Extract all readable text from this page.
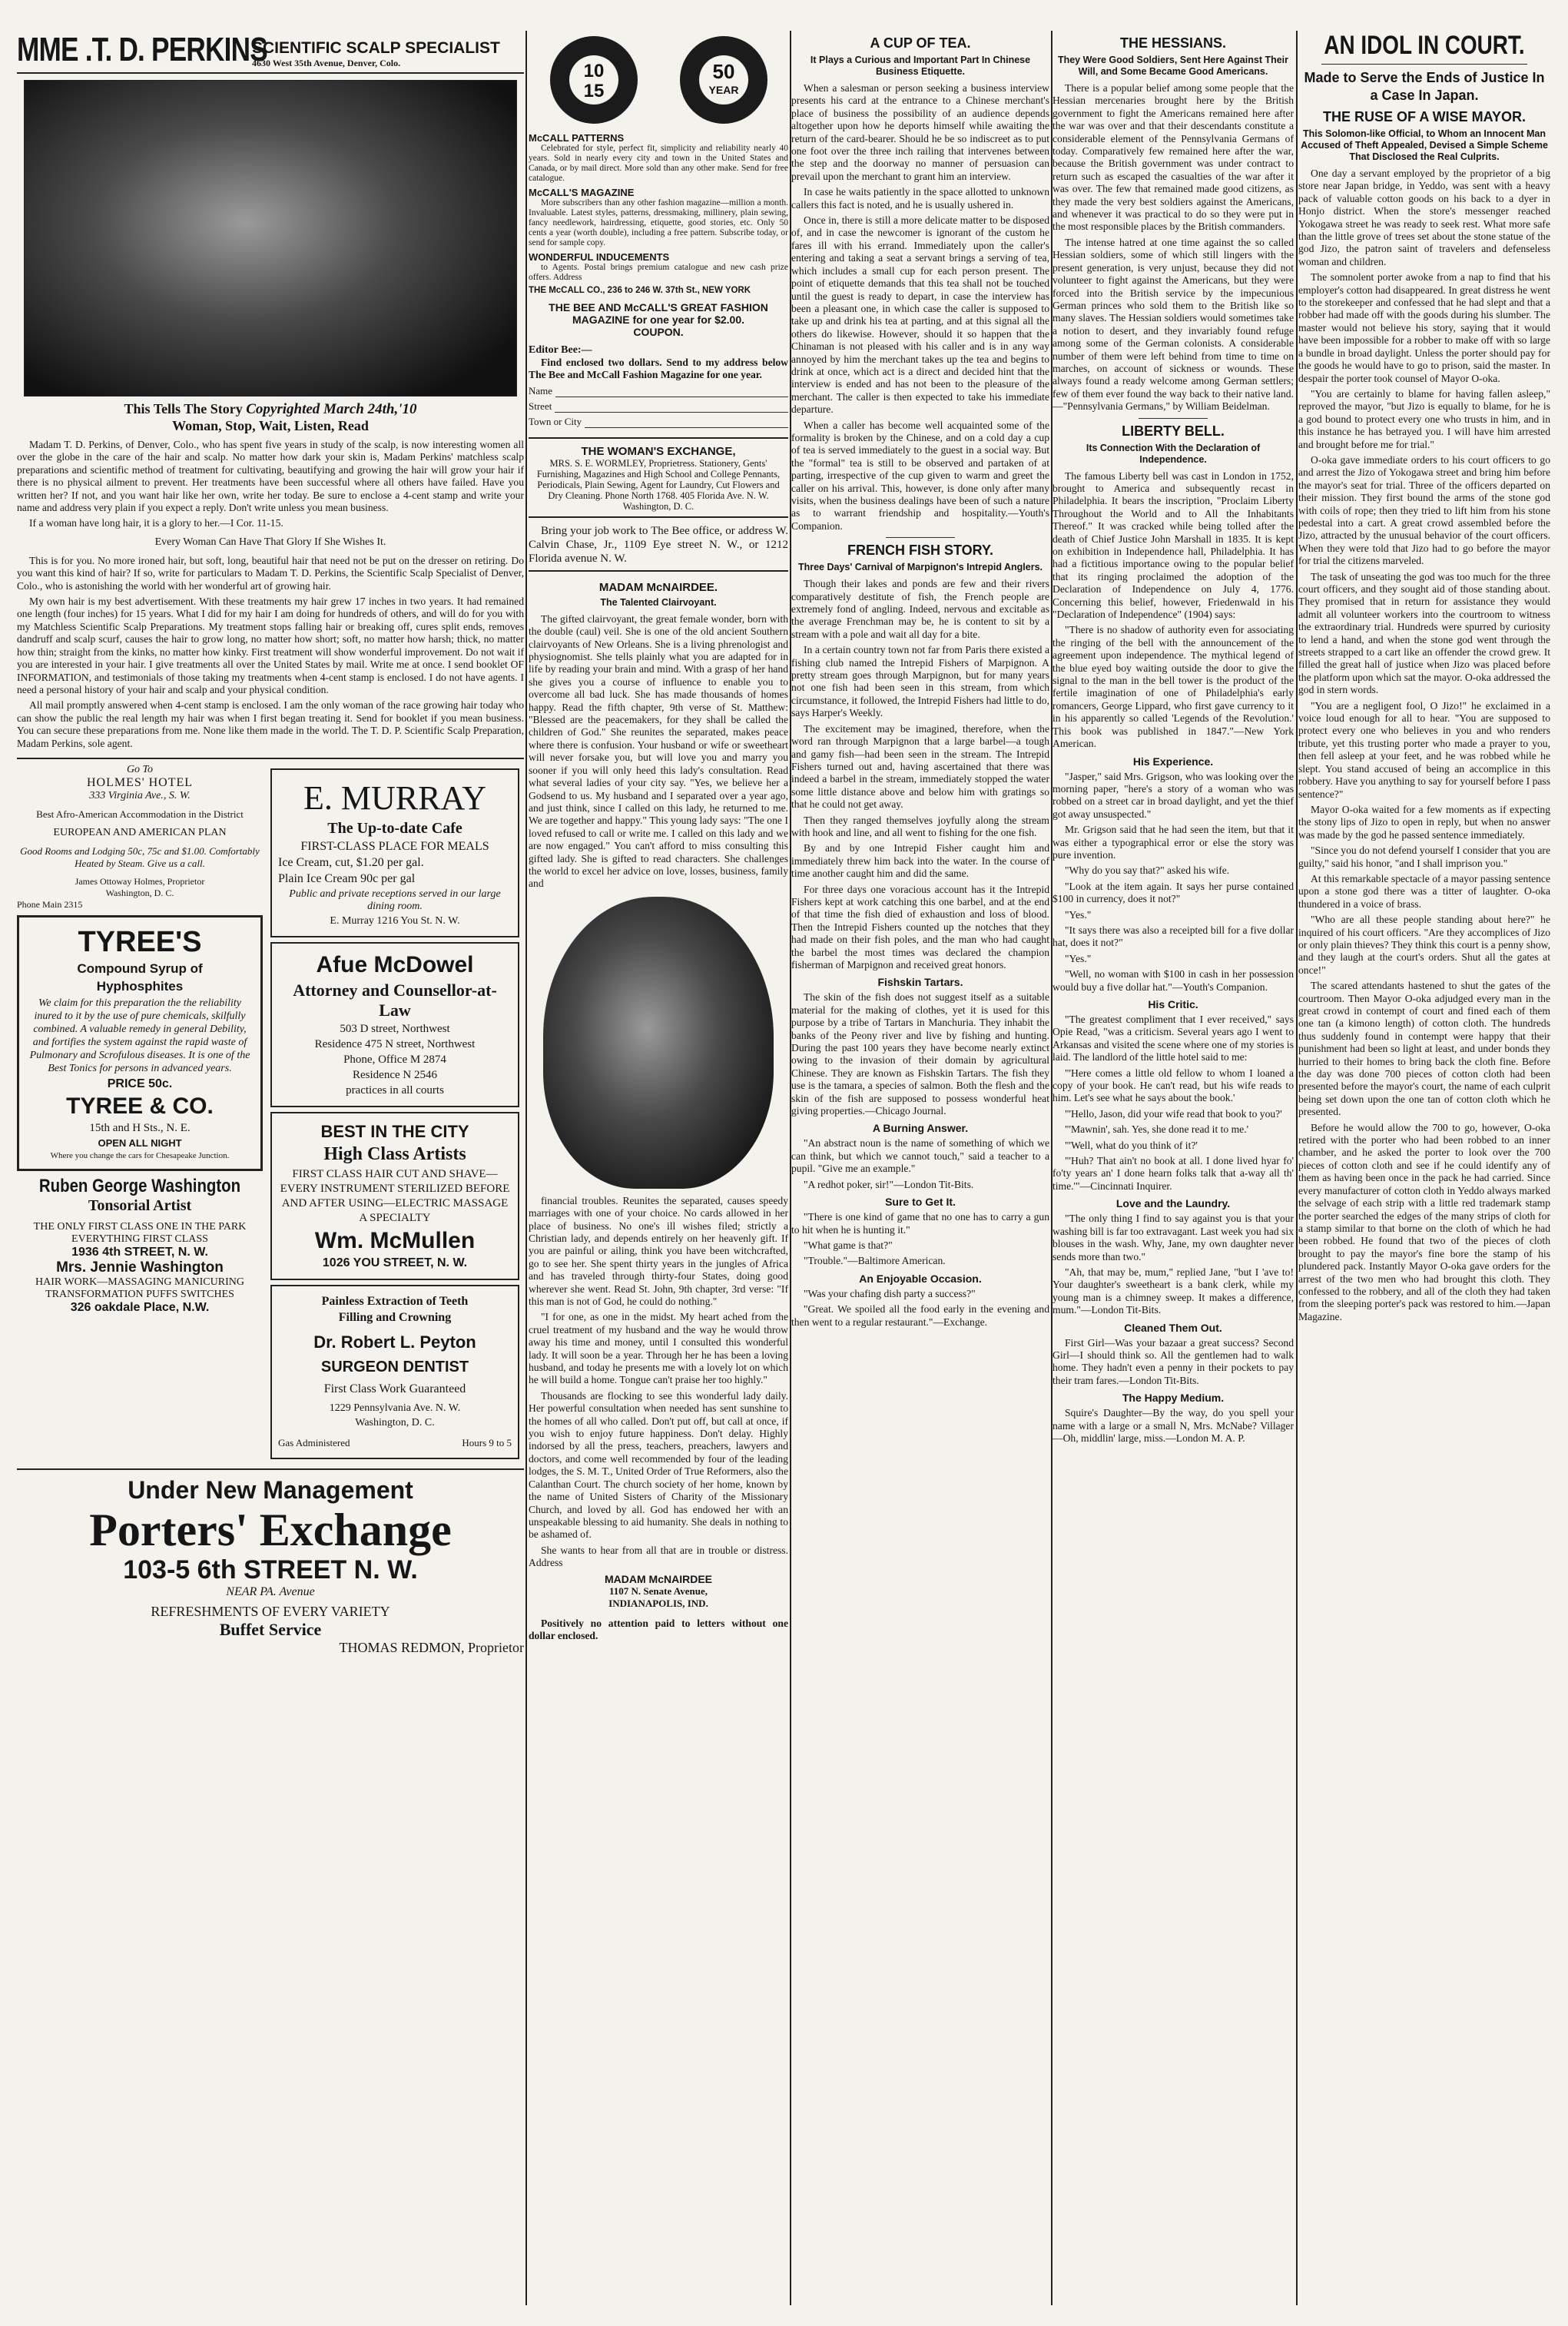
MME .T. D. PERKINS
SCIENTIFIC SCALP SPECIALIST
4630 West 35th Avenue, Denver, Colo.
This Tells The Story Copyrighted March 24th,'10
Woman, Stop, Wait, Listen, Read

Madam T. D. Perkins, of Denver, Colo., who has spent five years in study of the scalp, is now interesting women all over the globe in the care of the hair and scalp. No matter how dark your skin is, Madam Perkins' matchless scalp preparations and scientific method of treatment for cultivating, beautifying and growing the hair will grow your hair if there is no physical ailment to prevent. Her treatments have been successful where all others have failed. Have you written her? If not, and you want hair like her own, write her today. Be sure to enclose a 4-cent stamp and write your name and address very plain if you expect a reply. Don't write unless you mean business.

If a woman have long hair, it is a glory to her.—I Cor. 11-15.

Every Woman Can Have That Glory If She Wishes It.

This is for you. No more ironed hair, but soft, long, beautiful hair that need not be put on the dresser on retiring. Do you want this kind of hair? If so, write for particulars to Madam T. D. Perkins, the Scientific Scalp Specialist of Denver, Colo., who is astonishing the world with her wonderful art of growing hair.

My own hair is my best advertisement. With these treatments my hair grew 17 inches in two years. It had remained one length (four inches) for 15 years. What I did for my hair I am doing for hundreds of others, and will do for you with my Matchless Scientific Scalp Preparations. My treatment stops falling hair or breaking off, cures split ends, removes dandruff and scalp scurf, causes the hair to grow long, no matter how short; soft, no matter how harsh; thick, no matter how thin; straight from the kinks, no matter how kinky. First treatment will show wonderful improvement. Do not wait if you are interested in your hair. I give treatments all over the United States by mail. Write me at once. I send booklet OF INFORMATION, and testimonials of those taking my treatments when 4-cent stamp is enclosed. I do not have agents. I need a personal history of your hair and scalp and your physical condition.

All mail promptly answered when 4-cent stamp is enclosed. I am the only woman of the race growing hair today who can show the public the real length my hair was when I first began treating it. Send for booklet if you mean business. You can secure these preparations from me. None like them made in the world. The T. D. P. Scientific Scalp Preparation, Madam Perkins, sole agent.

Go To
HOLMES' HOTEL
333 Virginia Ave., S. W.
Best Afro-American Accommodation in the District
EUROPEAN AND AMERICAN PLAN
Good Rooms and Lodging 50c, 75c and $1.00. Comfortably Heated by Steam. Give us a call.
James Ottoway Holmes, Proprietor
Washington, D. C.
Phone Main 2315
TYREE'S
Compound Syrup of
Hyphosphites
We claim for this preparation the the reliability inured to it by the use of pure chemicals, skilfully combined. A valuable remedy in general Debility, and fortifies the system against the rapid waste of Pulmonary and Scrofulous diseases. It is one of the Best Tonics for persons in advanced years.
PRICE 50c.
TYREE & CO.
15th and H Sts., N. E.
OPEN ALL NIGHT
Where you change the cars for Chesapeake Junction.
Ruben George Washington
Tonsorial Artist
THE ONLY FIRST CLASS ONE IN THE PARK
EVERYTHING FIRST CLASS
1936 4th STREET, N. W.
Mrs. Jennie Washington
HAIR WORK—MASSAGING MANICURING
TRANSFORMATION PUFFS SWITCHES
326 oakdale Place, N.W.
E. MURRAY
The Up-to-date Cafe
FIRST-CLASS PLACE FOR MEALS
Ice Cream, cut, $1.20 per gal.
Plain Ice Cream 90c per gal
Public and private receptions served in our large dining room.
E. Murray 1216 You St. N. W.
Afue McDowel
Attorney and Counsellor-at-Law
503 D street, Northwest
Residence 475 N street, Northwest
Phone, Office M 2874
Residence N 2546
practices in all courts
BEST IN THE CITY
High Class Artists
FIRST CLASS HAIR CUT AND SHAVE—EVERY INSTRUMENT STERILIZED BEFORE AND AFTER USING—ELECTRIC MASSAGE A SPECIALTY
Wm. McMullen
1026 YOU STREET, N. W.
Painless Extraction of Teeth
Filling and Crowning
Dr. Robert L. Peyton
SURGEON DENTIST
First Class Work Guaranteed
1229 Pennsylvania Ave. N. W.
Washington, D. C.
Gas Administered	Hours 9 to 5
Under New Management
Porters' Exchange
103-5 6th STREET N. W.
NEAR PA. Avenue
REFRESHMENTS OF EVERY VARIETY
Buffet Service
THOMAS REDMON, Proprietor
10
15
50
YEAR
McCALL PATTERNS

Celebrated for style, perfect fit, simplicity and reliability nearly 40 years. Sold in nearly every city and town in the United States and Canada, or by mail direct. More sold than any other make. Send for free catalogue.

McCALL'S MAGAZINE

More subscribers than any other fashion magazine—million a month. Invaluable. Latest styles, patterns, dressmaking, millinery, plain sewing, fancy needlework, hairdressing, etiquette, good stories, etc. Only 50 cents a year (worth double), including a free pattern. Subscribe today, or send for sample copy.

WONDERFUL INDUCEMENTS

to Agents. Postal brings premium catalogue and new cash prize offers. Address

THE McCALL CO., 236 to 246 W. 37th St., NEW YORK
THE BEE AND McCALL'S GREAT FASHION MAGAZINE for one year for $2.00.
COUPON.
Editor Bee:—

Find enclosed two dollars. Send to my address below The Bee and McCall Fashion Magazine for one year.

Name
Street
Town or City
THE WOMAN'S EXCHANGE,

MRS. S. E. WORMLEY, Proprietress. Stationery, Gents' Furnishing, Magazines and High School and College Pennants, Periodicals, Plain Sewing, Agent for Laundry, Cut Flowers and Dry Cleaning. Phone North 1768. 405 Florida Ave. N. W. Washington, D. C.

Bring your job work to The Bee office, or address W. Calvin Chase, Jr., 1109 Eye street N. W., or 1212 Florida avenue N. W.

MADAM McNAIRDEE.
The Talented Clairvoyant.

The gifted clairvoyant, the great female wonder, born with the double (caul) veil. She is one of the old ancient Southern clairvoyants of New Orleans. She is a living phrenologist and physiognomist. She tells plainly what you are adapted for in life by reading your brain and mind. With a grasp of her hand she gives you a course of influence to enable you to overcome all bad luck. She has made thousands of homes happy. Read the fifth chapter, 9th verse of St. Matthew: "Blessed are the peacemakers, for they shall be called the children of God." She reunites the separated, makes peace where there is confusion. Your husband or wife or sweetheart will never forsake you, but will love you and marry you sooner if you will only heed this lady's consultation. Read what several ladies of your city say. "Yes, we believe her a Godsend to us. My husband and I separated over a year ago, and just think, since I called on this lady, he returned to me. We are together and happy." This young lady says: "The one I loved refused to call or write me. I called on this lady and we are now engaged." You can't afford to miss consulting this gifted lady. She is gifted to read characters. She challenges the world to excel her advice on love, losses, business, family and

financial troubles. Reunites the separated, causes speedy marriages with one of your choice. No cards allowed in her place of business. No one's ill wishes filed; strictly a Christian lady, and depends entirely on her heavenly gift. If you are painful or ailing, think you have been witchcrafted, go to see her. She spent thirty years in the jungles of Africa and has traveled through thirty-four States, doing good wherever she went. Read St. John, 9th chapter, 3rd verse: "If this man is not of God, he could do nothing."

"I for one, as one in the midst. My heart ached from the cruel treatment of my husband and the way he would throw away his time and money, until I consulted this wonderful lady. It will soon be a year. Through her he has been a loving husband, and today he presents me with a lovely lot on which he will build a home. Tongue can't praise her too highly."

Thousands are flocking to see this wonderful lady daily. Her powerful consultation when needed has sent sunshine to the homes of all who called. Don't put off, but call at once, if you wish to enjoy future happiness. Don't delay. Highly indorsed by all the press, teachers, preachers, lawyers and doctors, and come well recommended by four of the leading lodges, the S. M. T., United Order of True Reformers, also the Calanthan Court. The church society of her home, known by the name of United Sisters of Charity of the Missionary Church, and loved by all. God has endowed her with an unspeakable blessing to aid humanity. She deals in nothing to be ashamed of.

She wants to hear from all that are in trouble or distress. Address

MADAM McNAIRDEE
1107 N. Senate Avenue,
INDIANAPOLIS, IND.

Positively no attention paid to letters without one dollar enclosed.

A CUP OF TEA.
It Plays a Curious and Important Part In Chinese Business Etiquette.

When a salesman or person seeking a business interview presents his card at the entrance to a Chinese merchant's place of business the possibility of an audience depends altogether upon how he deports himself while awaiting the return of the card-bearer. Should he be so indiscreet as to put one foot over the three inch railing that intervenes between the step and the doorway no manner of persuasion can prevail upon the merchant to grant him an interview.

In case he waits patiently in the space allotted to unknown callers this fact is noted, and he is usually ushered in.

Once in, there is still a more delicate matter to be disposed of, and in case the newcomer is ignorant of the custom he fares ill with his errand. Immediately upon the caller's entering and taking a seat a servant brings a serving of tea, which includes a small cup for each person present. The point of etiquette demands that this tea shall not be touched until the guest is ready to depart, in case the interview has been a pleasant one, in which case the caller is supposed to take up and drink his tea at parting, and at this signal all the others do likewise. However, should it so happen that the Chinaman is not pleased with his caller and is in any way annoyed by him the merchant takes up the tea and begins to drink at once, which act is a direct and decided hint that the interview is ended and has not been to the pleasure of the merchant. The caller is then expected to take his immediate departure.

When a caller has become well acquainted some of the formality is broken by the Chinese, and on a cold day a cup of tea is served immediately to the guest in a social way. But the "formal" tea is still to be observed and partaken of at parting, irrespective of the cup given to warm and greet the caller on his arrival. This, however, is done only after many visits, when the business dealings have been of such a nature as to warrant friendship and hospitality.—Youth's Companion.

FRENCH FISH STORY.
Three Days' Carnival of Marpignon's Intrepid Anglers.

Though their lakes and ponds are few and their rivers comparatively destitute of fish, the French people are extremely fond of angling. Indeed, nervous and excitable as the average Frenchman may be, he is content to sit by a stream with a pole and wait all day for a bite.

In a certain country town not far from Paris there existed a fishing club named the Intrepid Fishers of Marpignon. A pretty stream goes through Marpignon, but for many years not one fish had been seen in this stream, from which circumstance, it followed, the Intrepid Fishers had little to do, says Harper's Weekly.

The excitement may be imagined, therefore, when the word ran through Marpignon that a large barbel—a tough and gamy fish—had been seen in the stream. The Intrepid Fishers turned out and, having ascertained that there was indeed a barbel in the stream, immediately stopped the water some little distance above and below him with gratings so that he could not get away.

Then they ranged themselves joyfully along the stream with hook and line, and all went to fishing for the one fish.

By and by one Intrepid Fisher caught him and immediately threw him back into the water. In the course of time another caught him and did the same.

For three days one voracious account has it the Intrepid Fishers kept at work catching this one barbel, and at the end of that time the fish died of exhaustion and loss of blood. Then the Intrepid Fishers counted up the notches that they had made on their fish poles, and the man who had caught the barbel the most times was declared the champion fisherman of Marpignon and received great honors.

Fishskin Tartars.

The skin of the fish does not suggest itself as a suitable material for the making of clothes, yet it is used for this purpose by a tribe of Tartars in Manchuria. They inhabit the banks of the Peony river and live by fishing and hunting. During the past 100 years they have become nearly extinct owing to the invasion of their domain by agricultural Chinese. They are known as Fishskin Tartars. The fish they use is the tamara, a species of salmon. Both the flesh and the skin of the fish are supposed to possess wonderful heat giving properties.—Chicago Journal.

A Burning Answer.

"An abstract noun is the name of something of which we can think, but which we cannot touch," said a teacher to a pupil. "Give me an example."

"A redhot poker, sir!"—London Tit-Bits.

Sure to Get It.

"There is one kind of game that no one has to carry a gun to hit when he is hunting it."

"What game is that?"

"Trouble."—Baltimore American.

An Enjoyable Occasion.

"Was your chafing dish party a success?"

"Great. We spoiled all the food early in the evening and then went to a regular restaurant."—Exchange.

THE HESSIANS.
They Were Good Soldiers, Sent Here Against Their Will, and Some Became Good Americans.

There is a popular belief among some people that the Hessian mercenaries brought here by the British government to fight the Americans remained here after the war was over and that their descendants constitute a considerable element of the Pennsylvania Germans of today. Comparatively few remained here after the war, because the British government was under contract to return such as escaped the casualties of the war after it was over. The few that remained made good citizens, as they made the very best soldiers against the Americans, and whenever it was practical to do so they were put in the most responsible places by the British commanders.

The intense hatred at one time against the so called Hessian soldiers, some of which still lingers with the present generation, is very unjust, because they did not volunteer to fight against the Americans, but they were forced into the British service by the impecunious German princes who sold them to the British like so many slaves. The Hessian soldiers would sometimes take a notion to desert, and they invariably found refuge among some of the German colonists. A considerable number of them were left behind from time to time on marches, on account of sickness or wounds. These always found a ready welcome among German settlers; few of them ever found the way back to their native land.—"Pennsylvania Germans," by William Beidelman.

LIBERTY BELL.
Its Connection With the Declaration of Independence.

The famous Liberty bell was cast in London in 1752, brought to America and subsequently recast in Philadelphia. It bears the inscription, "Proclaim Liberty Throughout the World and to All the Inhabitants Thereof." It was cracked while being tolled after the death of Chief Justice John Marshall in 1835. It is kept on exhibition in Independence hall, Philadelphia. It has had a fictitious importance owing to the popular belief that its ringing proclaimed the adoption of the Declaration of Independence on July 4, 1776. Concerning this belief, however, Friedenwald in his "Declaration of Independence" (1904) says:

"There is no shadow of authority even for associating the ringing of the bell with the announcement of the agreement upon independence. The mythical legend of the blue eyed boy waiting outside the door to give the signal to the man in the bell tower is the product of the fertile imagination of one of Philadelphia's early romancers, George Lippard, who first gave currency to it in his apparently so called 'Legends of the Revolution.' This book was published in 1847."—New York American.

His Experience.

"Jasper," said Mrs. Grigson, who was looking over the morning paper, "here's a story of a woman who was robbed on a street car in broad daylight, and yet the thief got away unsuspected."

Mr. Grigson said that he had seen the item, but that it was either a typographical error or else the story was pure invention.

"Why do you say that?" asked his wife.

"Look at the item again. It says her purse contained $100 in currency, does it not?"

"Yes."

"It says there was also a receipted bill for a five dollar hat, does it not?"

"Yes."

"Well, no woman with $100 in cash in her possession would buy a five dollar hat."—Youth's Companion.

His Critic.

"The greatest compliment that I ever received," says Opie Read, "was a criticism. Several years ago I went to Arkansas and visited the scene where one of my stories is laid. The landlord of the little hotel said to me:

"'Here comes a little old fellow to whom I loaned a copy of your book. He can't read, but his wife reads to him. Let's see what he says about the book.'

"'Hello, Jason, did your wife read that book to you?'

"'Mawnin', sah. Yes, she done read it to me.'

"'Well, what do you think of it?'

"'Huh? That ain't no book at all. I done lived hyar fo' fo'ty years an' I done hearn folks talk that a-way all th' time.'"—Cincinnati Inquirer.

Love and the Laundry.

"The only thing I find to say against you is that your washing bill is far too extravagant. Last week you had six blouses in the wash. Why, Jane, my own daughter never sends more than two."

"Ah, that may be, mum," replied Jane, "but I 'ave to! Your daughter's sweetheart is a bank clerk, while my young man is a chimney sweep. It makes a difference, mum."—London Tit-Bits.

Cleaned Them Out.

First Girl—Was your bazaar a great success? Second Girl—I should think so. All the gentlemen had to walk home. They hadn't even a penny in their pockets to pay their tram fares.—London Tit-Bits.

The Happy Medium.

Squire's Daughter—By the way, do you spell your name with a large or a small N, Mrs. McNabe? Villager—Oh, middlin' large, miss.—London M. A. P.

AN IDOL IN COURT.
Made to Serve the Ends of Justice In a Case In Japan.
THE RUSE OF A WISE MAYOR.
This Solomon-like Official, to Whom an Innocent Man Accused of Theft Appealed, Devised a Simple Scheme That Disclosed the Real Culprits.

One day a servant employed by the proprietor of a big store near Japan bridge, in Yeddo, was sent with a heavy pack of valuable cotton goods on his back to a dyer in Honjo district. When the store's messenger reached Yokogawa street he was ready to seek rest. What more safe than the little grove of trees set about the stone statue of the god Jizo, the patron saint of travelers and defenseless woman and children.

The somnolent porter awoke from a nap to find that his employer's cotton had disappeared. In great distress he went to the storekeeper and confessed that he had slept and that a robber had made off with the goods during his slumber. The master would not believe his story, saying that it would have been impossible for a robber to make off with so large a bundle in broad daylight. Unless the porter should pay for the goods he would have to go to prison, said the master. In despair the porter took counsel of Mayor O-oka.

"You are certainly to blame for having fallen asleep," reproved the mayor, "but Jizo is equally to blame, for he is a god bound to protect every one who trusts in him, and in this instance he has betrayed you. I will have him arrested and brought before me for trial."

O-oka gave immediate orders to his court officers to go and arrest the Jizo of Yokogawa street and bring him before the mayor's seat for trial. Three of the officers departed on their mission. They first bound the arms of the stone god with coils of rope; then they tried to lift him from his stone pedestal into a cart. A great crowd assembled before the Jizo, attracted by the unusual behavior of the court officers. When they were told that Jizo had to go before the mayor for trial the citizens marveled.

The task of unseating the god was too much for the three court officers, and they sought aid of those standing about. They promised that in return for assistance they would admit all volunteer workers into the courtroom to witness the extraordinary trial. Hundreds were spurred by curiosity to lend a hand, and when the stone god went through the streets strapped to a cart like an offender the crowd grew. It filled the great hall of justice when Jizo was placed before the platform upon which sat the mayor. O-oka addressed the god in stern words.

"You are a negligent fool, O Jizo!" he exclaimed in a voice loud enough for all to hear. "You are supposed to protect every one who believes in you and who renders tribute, yet this trusting porter who made a prayer to you, then fell asleep at your feet, and he was robbed while he slept. You stand accused of being an accomplice in this robbery. Have you anything to say for yourself before I pass sentence?"

Mayor O-oka waited for a few moments as if expecting the stony lips of Jizo to open in reply, but when no answer was made by the god he passed sentence immediately.

"Since you do not defend yourself I consider that you are guilty," said his honor, "and I shall imprison you."

At this remarkable spectacle of a mayor passing sentence upon a stone god there was a titter of laughter. O-oka thundered in a voice of brass.

"Who are all these people standing about here?" he inquired of his court officers. "Are they accomplices of Jizo or only plain thieves? They think this court is a penny show, and they laugh at the court's orders. Shut all the gates at once!"

The scared attendants hastened to shut the gates of the courtroom. Then Mayor O-oka adjudged every man in the great crowd in contempt of court and fined each of them one tan (a kimono length) of cotton cloth. The hundreds thus suddenly found in contempt were happy that their punishment had been so light at least, and under bonds they hurried to their homes to bring back the cloth fine. Before the day was done 700 pieces of cotton cloth had been presented before the mayor's court, the name of each culprit being set down upon the one tan of cotton cloth which he presented.

Before he would allow the 700 to go, however, O-oka retired with the porter who had been robbed to an inner chamber, and he asked the porter to look over the 700 pieces of cotton cloth and see if he could identify any of them as having been once in the pack he had carried. Since every manufacturer of cotton cloth in Yeddo always marked the selvage of each strip with a little red trademark stamp the porter searched the edges of the many strips of cloth for a stamp similar to that borne on the cloth of which he had been robbed. He found that two of the pieces of cloth brought to pay the mayor's fine bore the stamp of his plundered pack. Instantly Mayor O-oka gave orders for the arrest of the two men who had brought this cloth. They confessed to the robbery, and all of the cloth they had taken from the sleeping porter's pack was restored to him.—Japan Magazine.
